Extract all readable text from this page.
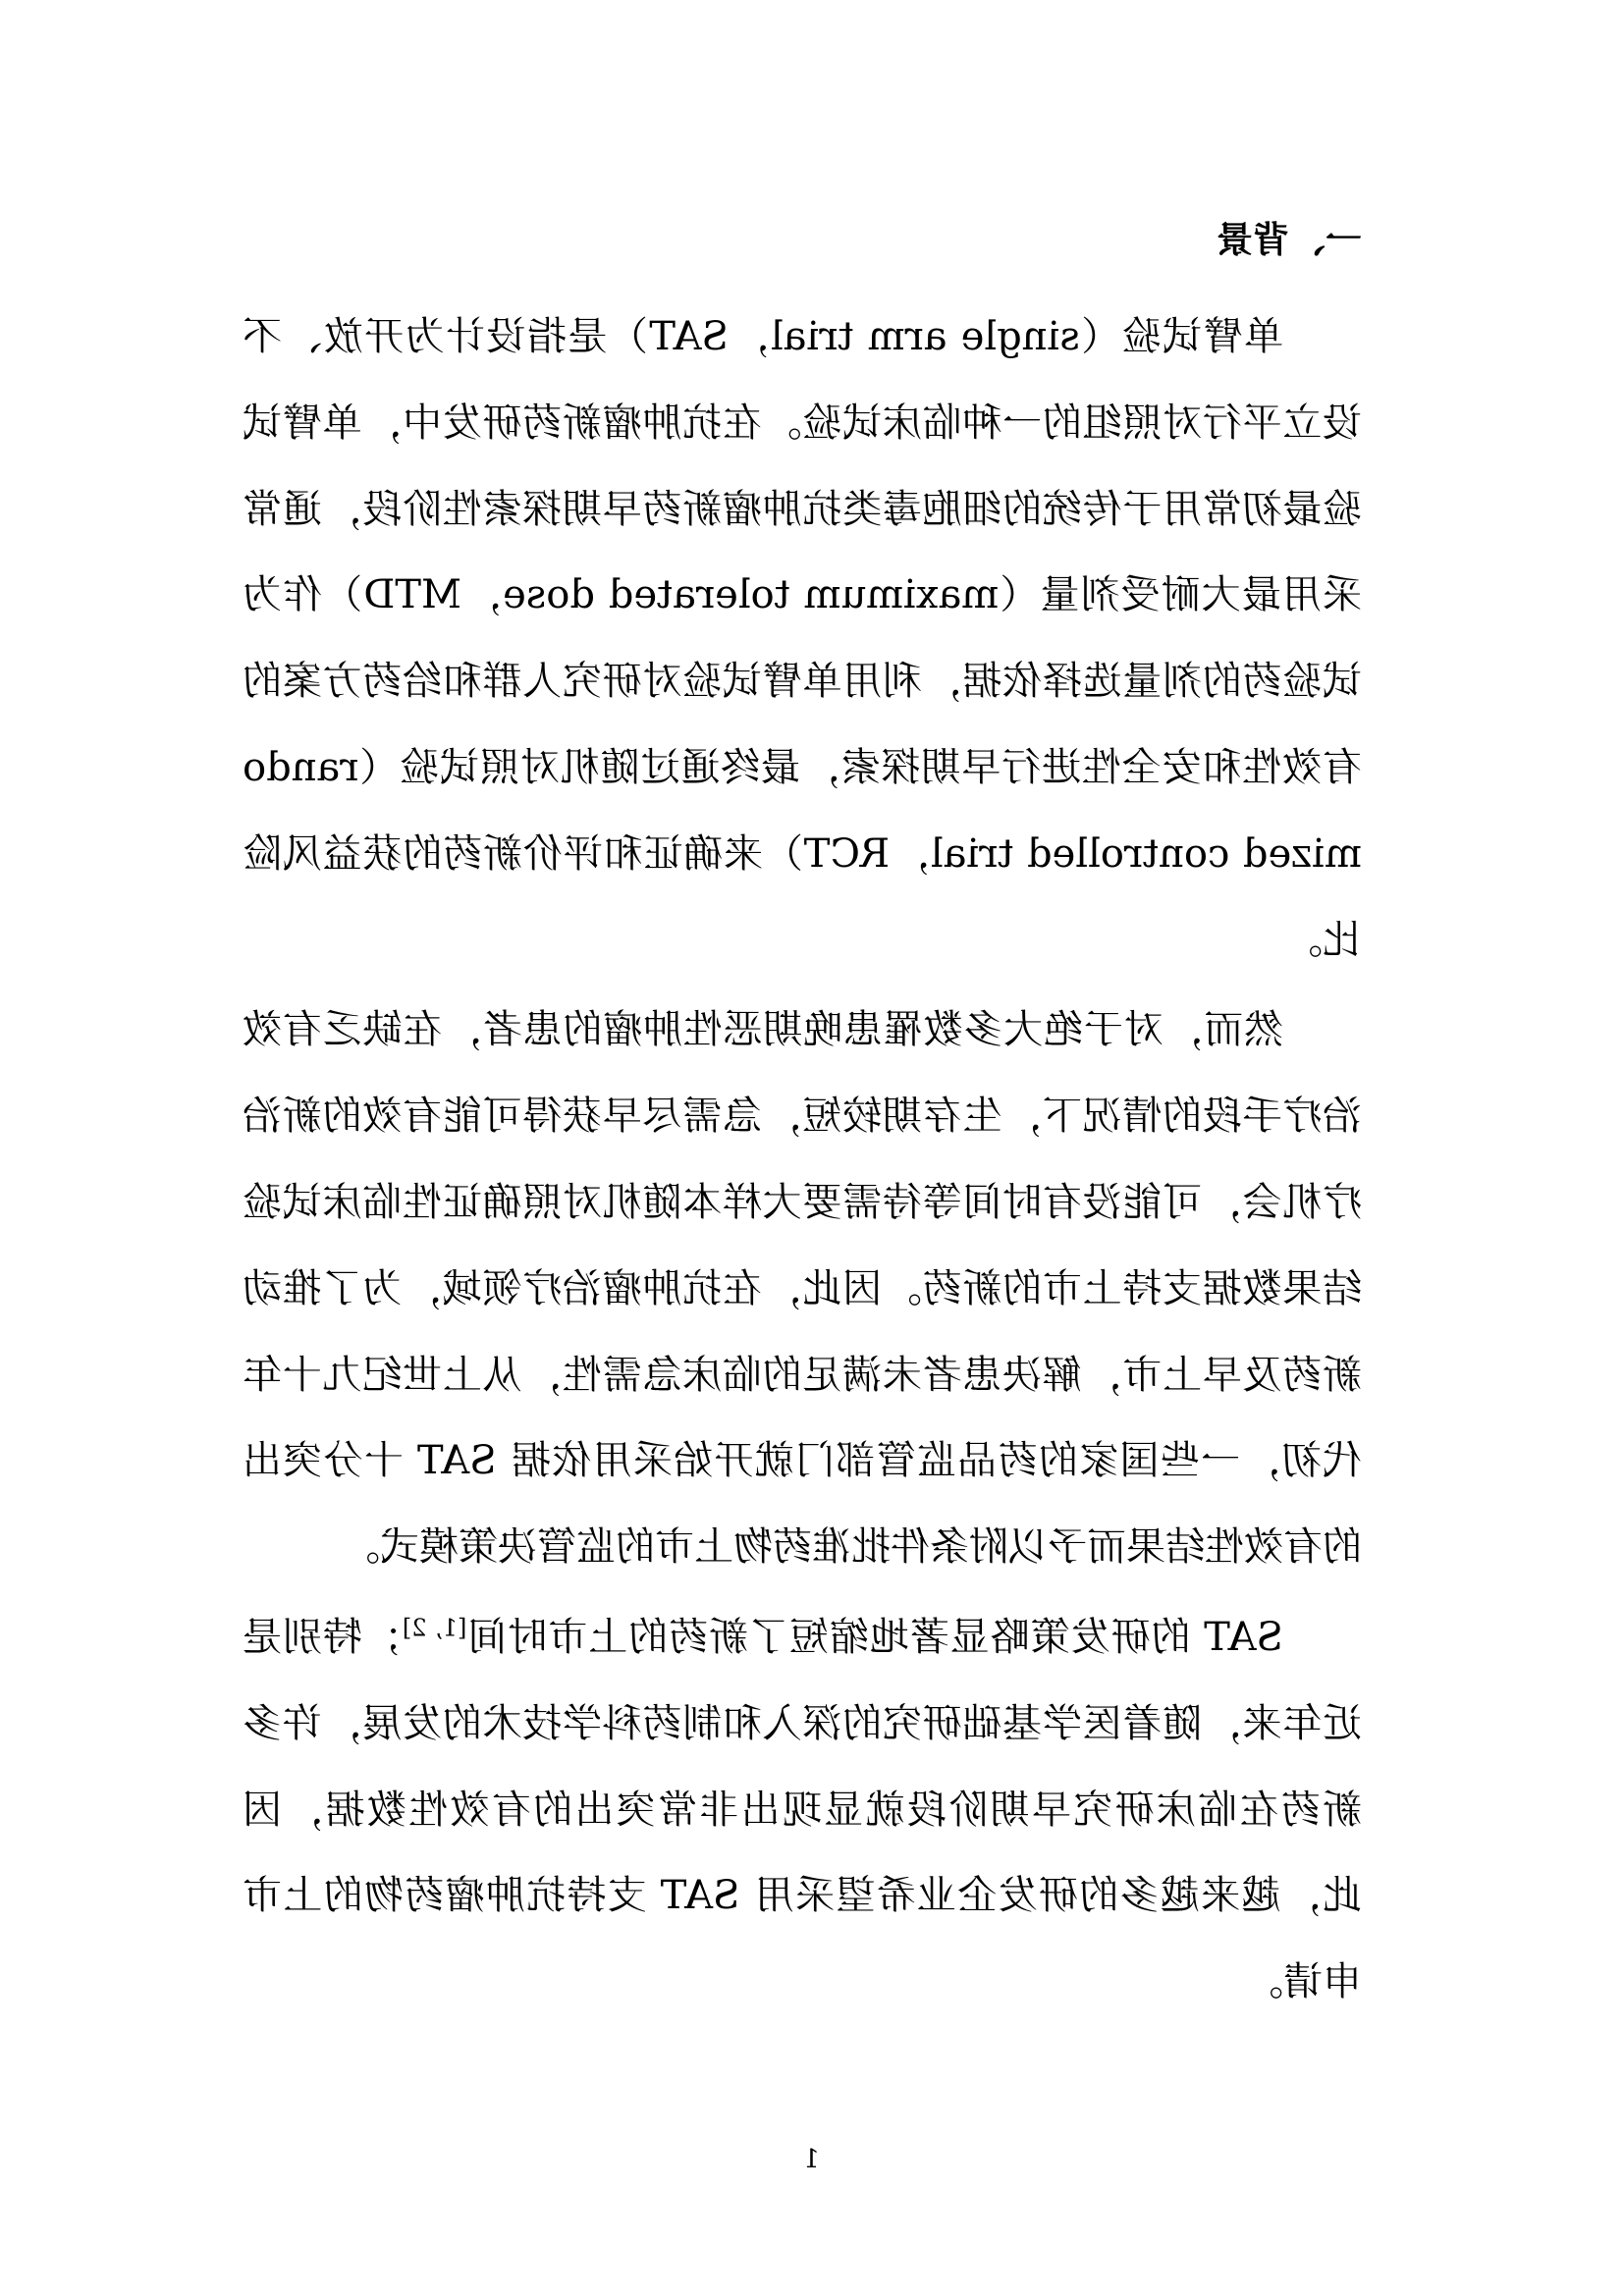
一、背景

单臂试验（single arm trial，SAT）是指设计为开放、不设立平行对照组的一种临床试验。在抗肿瘤新药研发中，单臂试验最初常用于传统的细胞毒类抗肿瘤新药早期探索性阶段，通常采用最大耐受剂量（maximum tolerated dose，MTD）作为试验药的剂量选择依据，利用单臂试验对研究人群和给药方案的有效性和安全性进行早期探索，最终通过随机对照试验（randomized controlled trial，RCT）来确证和评价新药的获益风险比。

然而，对于绝大多数罹患晚期恶性肿瘤的患者，在缺乏有效治疗手段的情况下，生存期较短，急需尽早获得可能有效的新治疗机会，可能没有时间等待需要大样本随机对照确证性临床试验结果数据支持上市的新药。因此，在抗肿瘤治疗领域，为了推动新药及早上市，解决患者未满足的临床急需性，从上世纪九十年代初，一些国家的药品监管部门就开始采用依据 SAT 十分突出的有效性结果而予以附条件批准药物上市的监管决策模式。

SAT 的研发策略显著地缩短了新药的上市时间[1, 2]；特别是近年来，随着医学基础研究的深入和制药科学技术的发展，许多新药在临床研究早期阶段就显现出非常突出的有效性数据，因此，越来越多的研发企业希望采用 SAT 支持抗肿瘤药物的上市申请。

1
